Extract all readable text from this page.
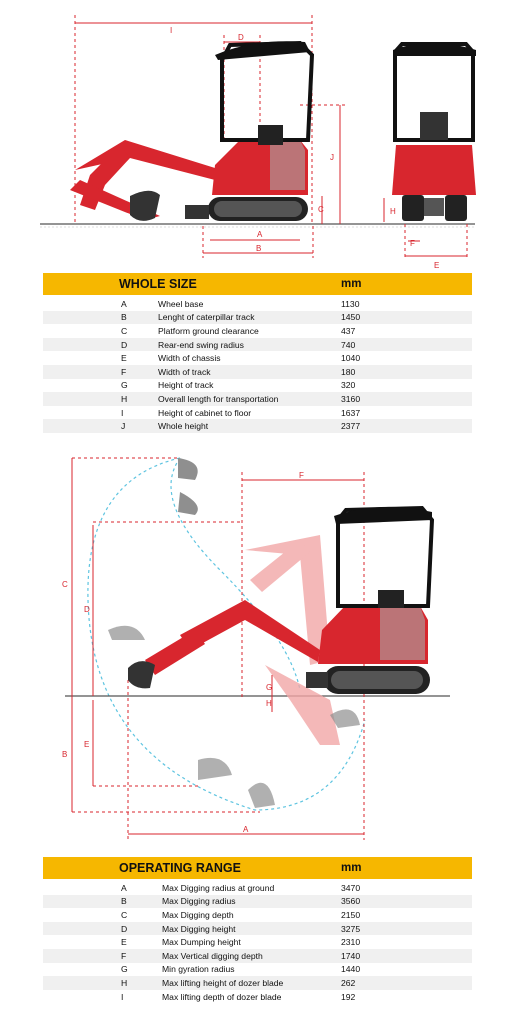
I
D
J
C
A
B
H
F
E
WHOLE SIZE	mm
A	Wheel base	1130
B	Lenght of caterpillar track	1450
C	Platform ground clearance	437
D	Rear-end swing radius	740
E	Width of chassis	1040
F	Width of track	180
G	Height of track	320
H	Overall length for transportation	3160
I	Height of cabinet to floor	1637
J	Whole height	2377
C
D
B
E
F
A
G
H
OPERATING RANGE	mm
A	Max Digging radius at ground	3470
B	Max Digging radius	3560
C	Max Digging depth	2150
D	Max Digging height	3275
E	Max Dumping height	2310
F	Max Vertical digging depth	1740
G	Min gyration radius	1440
H	Max lifting height of dozer blade	262
I	Max lifting depth of dozer blade	192
